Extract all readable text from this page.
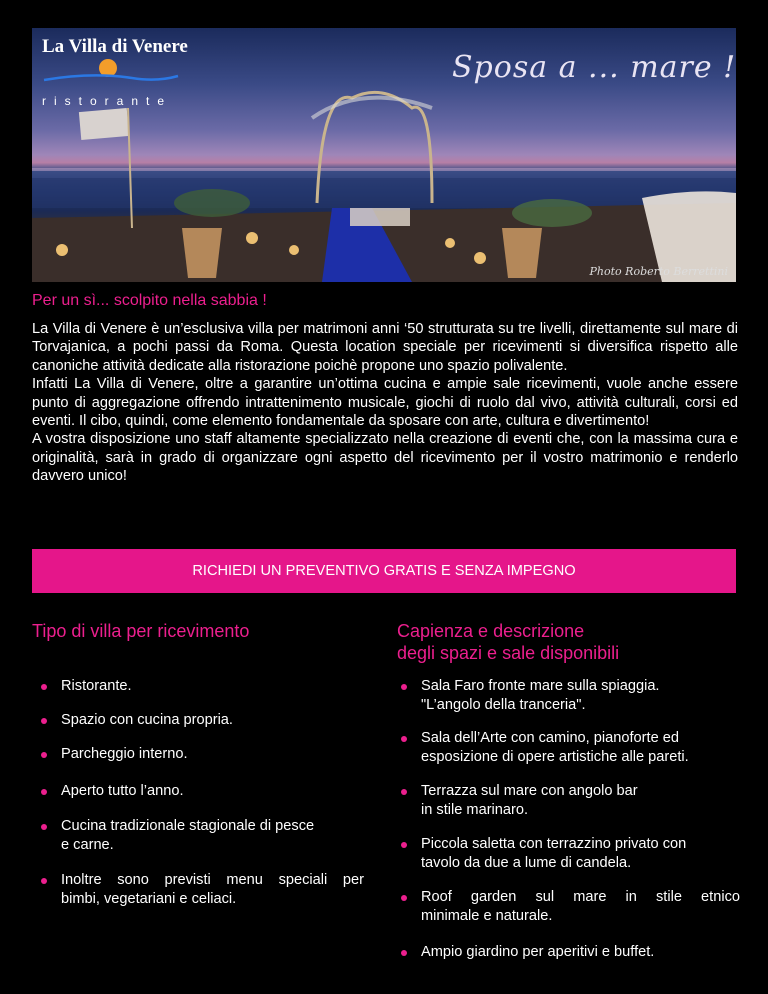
La Villa di Venere
ristorante
Sposa a ... mare !
Photo Roberto Berrettini
Per un sì... scolpito nella sabbia !

La Villa di Venere è un’esclusiva villa per matrimoni anni ‘50 strutturata su tre livelli, direttamente sul mare di Torvajanica, a pochi passi da Roma. Questa location speciale per ricevimenti si diversifica rispetto alle canoniche attività dedicate alla ristorazione poichè propone uno spazio polivalente.

Infatti La Villa di Venere, oltre a garantire un’ottima cucina e ampie sale ricevimenti, vuole anche essere punto di aggregazione offrendo intrattenimento musicale, giochi di ruolo dal vivo, attività culturali, corsi ed eventi. Il cibo, quindi, come elemento fondamentale da sposare con arte, cultura e divertimento!

A vostra disposizione uno staff altamente specializzato nella creazione di eventi che, con la massima cura e originalità, sarà in grado di organizzare ogni aspetto del ricevimento per il vostro matrimonio e renderlo davvero unico!

RICHIEDI UN PREVENTIVO GRATIS E SENZA IMPEGNO
Tipo di villa per ricevimento
Ristorante.
Spazio con cucina propria.
Parcheggio interno.
Aperto tutto l’anno.
Cucina tradizionale stagionale di pesce
e carne.
Inoltre sono previsti menu speciali per
bimbi, vegetariani e celiaci.
Capienza e descrizione
degli spazi e sale disponibili
Sala Faro fronte mare sulla spiaggia.
"L’angolo della tranceria".
Sala dell’Arte con camino, pianoforte ed
esposizione di opere artistiche alle pareti.
Terrazza sul mare con angolo bar
in stile marinaro.
Piccola saletta con terrazzino privato con
tavolo da due a lume di candela.
Roof garden sul mare in stile etnico
minimale e naturale.
Ampio giardino per aperitivi e buffet.
